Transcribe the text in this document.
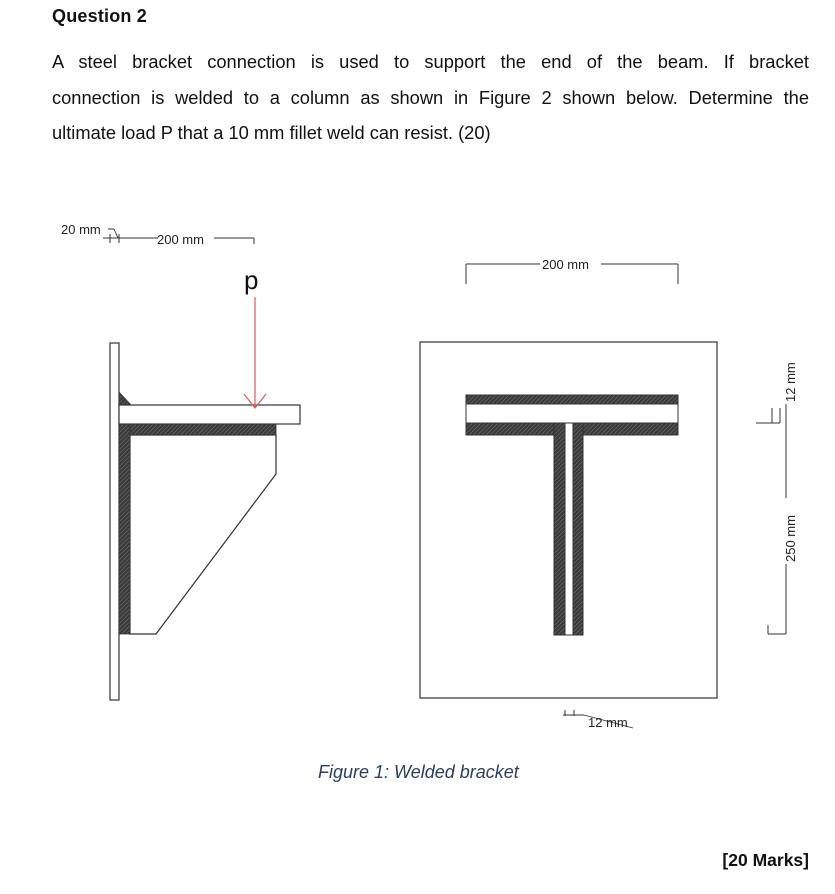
Question 2
A steel bracket connection is used to support the end of the beam. If bracket
connection is welded to a column as shown in Figure 2 shown below. Determine the
ultimate load P that a 10 mm fillet weld can resist. (20)
p
20 mm
200 mm
200 mm
12 mm
250 mm
12 mm
Figure 1: Welded bracket
[20 Marks]
